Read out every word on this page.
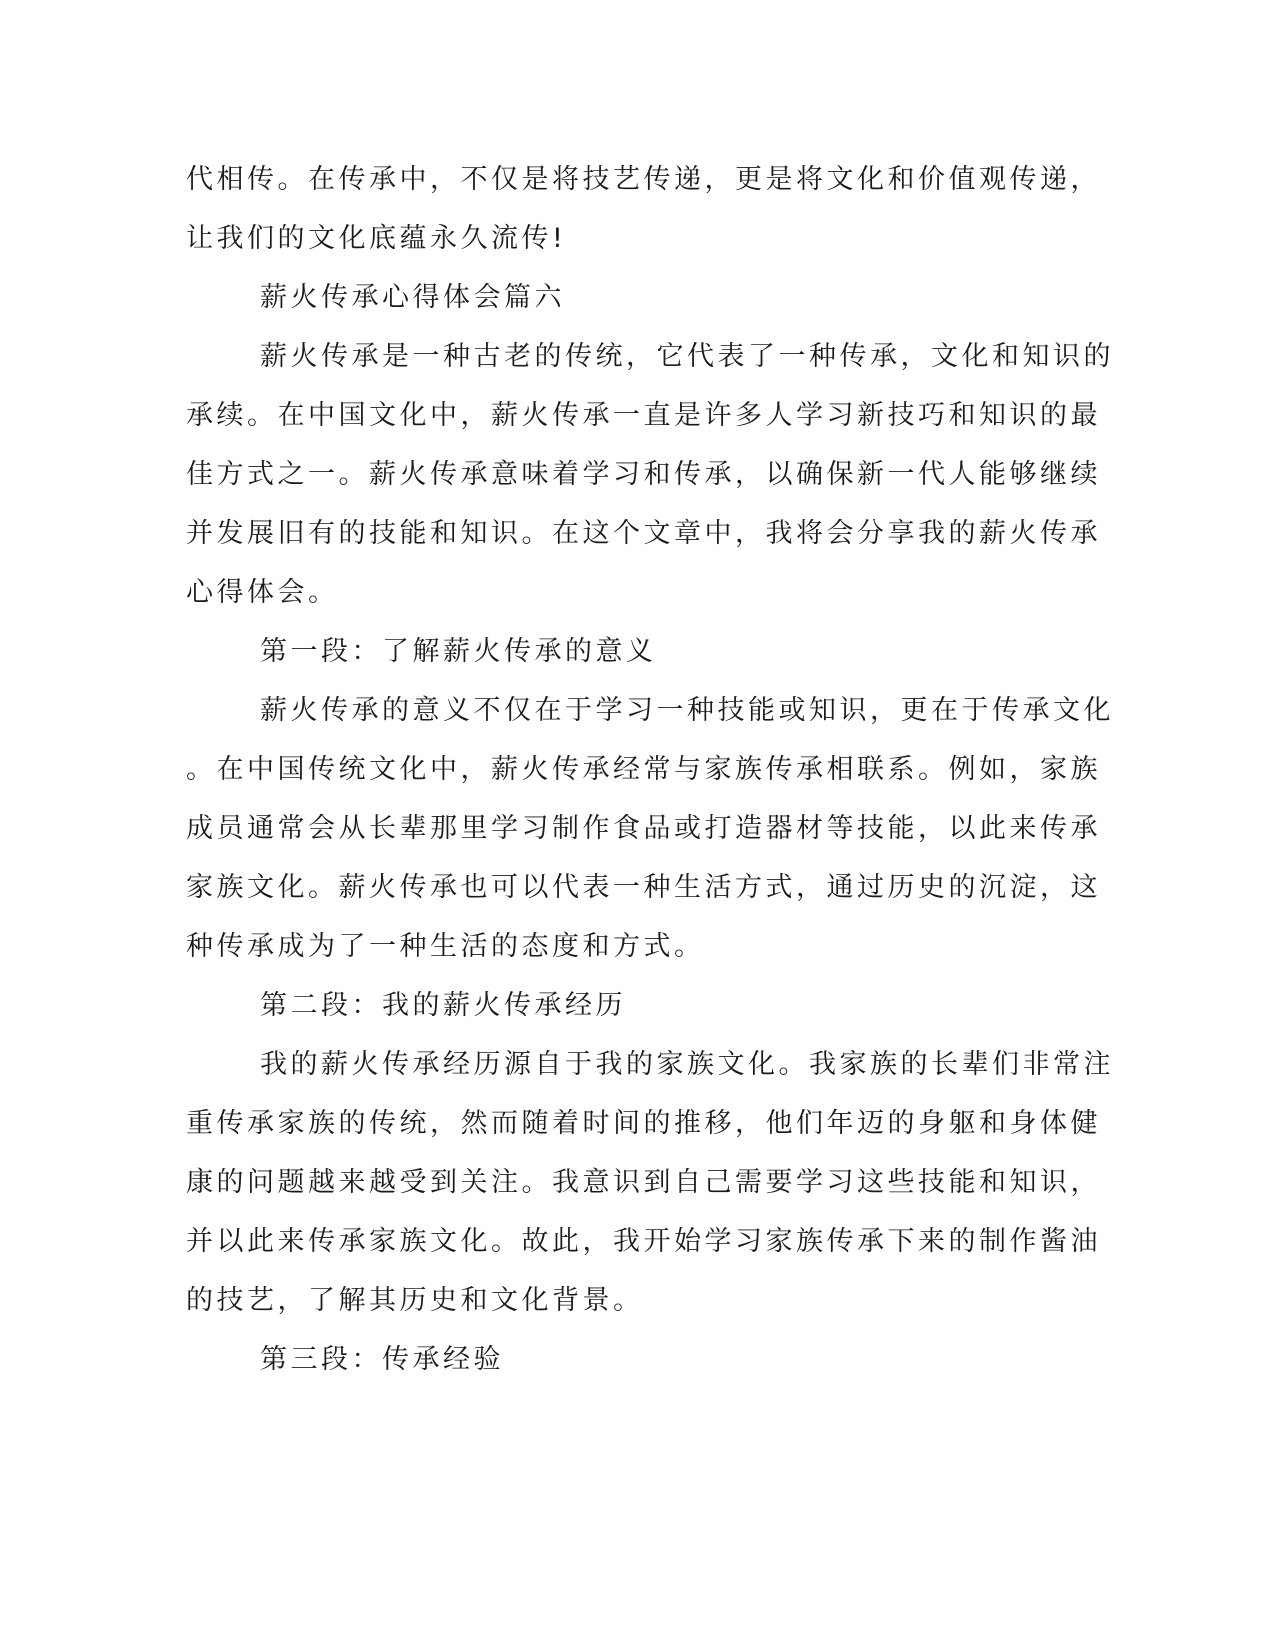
代相传。在传承中，不仅是将技艺传递，更是将文化和价值观传递，
让我们的文化底蕴永久流传!
薪火传承心得体会篇六
薪火传承是一种古老的传统，它代表了一种传承，文化和知识的
承续。在中国文化中，薪火传承一直是许多人学习新技巧和知识的最
佳方式之一。薪火传承意味着学习和传承，以确保新一代人能够继续
并发展旧有的技能和知识。在这个文章中，我将会分享我的薪火传承
心得体会。
第一段：了解薪火传承的意义
薪火传承的意义不仅在于学习一种技能或知识，更在于传承文化
。在中国传统文化中，薪火传承经常与家族传承相联系。例如，家族
成员通常会从长辈那里学习制作食品或打造器材等技能，以此来传承
家族文化。薪火传承也可以代表一种生活方式，通过历史的沉淀，这
种传承成为了一种生活的态度和方式。
第二段：我的薪火传承经历
我的薪火传承经历源自于我的家族文化。我家族的长辈们非常注
重传承家族的传统，然而随着时间的推移，他们年迈的身躯和身体健
康的问题越来越受到关注。我意识到自己需要学习这些技能和知识，
并以此来传承家族文化。故此，我开始学习家族传承下来的制作酱油
的技艺，了解其历史和文化背景。
第三段：传承经验
